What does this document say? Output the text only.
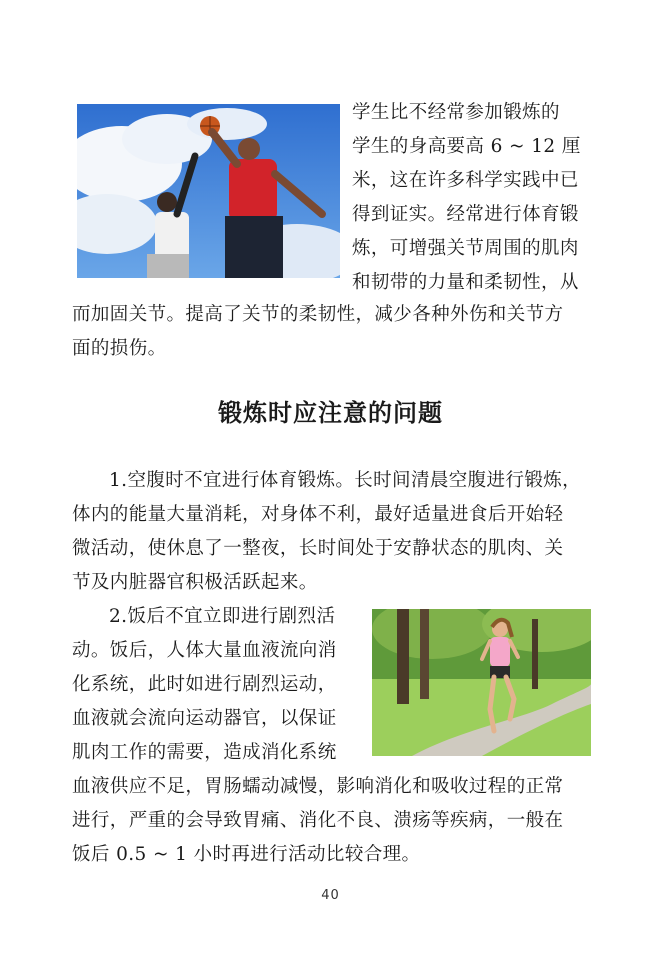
学生比不经常参加锻炼的
学生的身高要高 6 ~ 12 厘
米，这在许多科学实践中已
得到证实。经常进行体育锻
炼，可增强关节周围的肌肉
和韧带的力量和柔韧性，从
而加固关节。提高了关节的柔韧性，减少各种外伤和关节方
面的损伤。
锻炼时应注意的问题
1.空腹时不宜进行体育锻炼。长时间清晨空腹进行锻炼，
体内的能量大量消耗，对身体不利，最好适量进食后开始轻
微活动，使休息了一整夜，长时间处于安静状态的肌肉、关
节及内脏器官积极活跃起来。
2.饭后不宜立即进行剧烈活
动。饭后，人体大量血液流向消
化系统，此时如进行剧烈运动，
血液就会流向运动器官，以保证
肌肉工作的需要，造成消化系统
血液供应不足，胃肠蠕动减慢，影响消化和吸收过程的正常
进行，严重的会导致胃痛、消化不良、溃疡等疾病，一般在
饭后 0.5 ~ 1 小时再进行活动比较合理。
40
